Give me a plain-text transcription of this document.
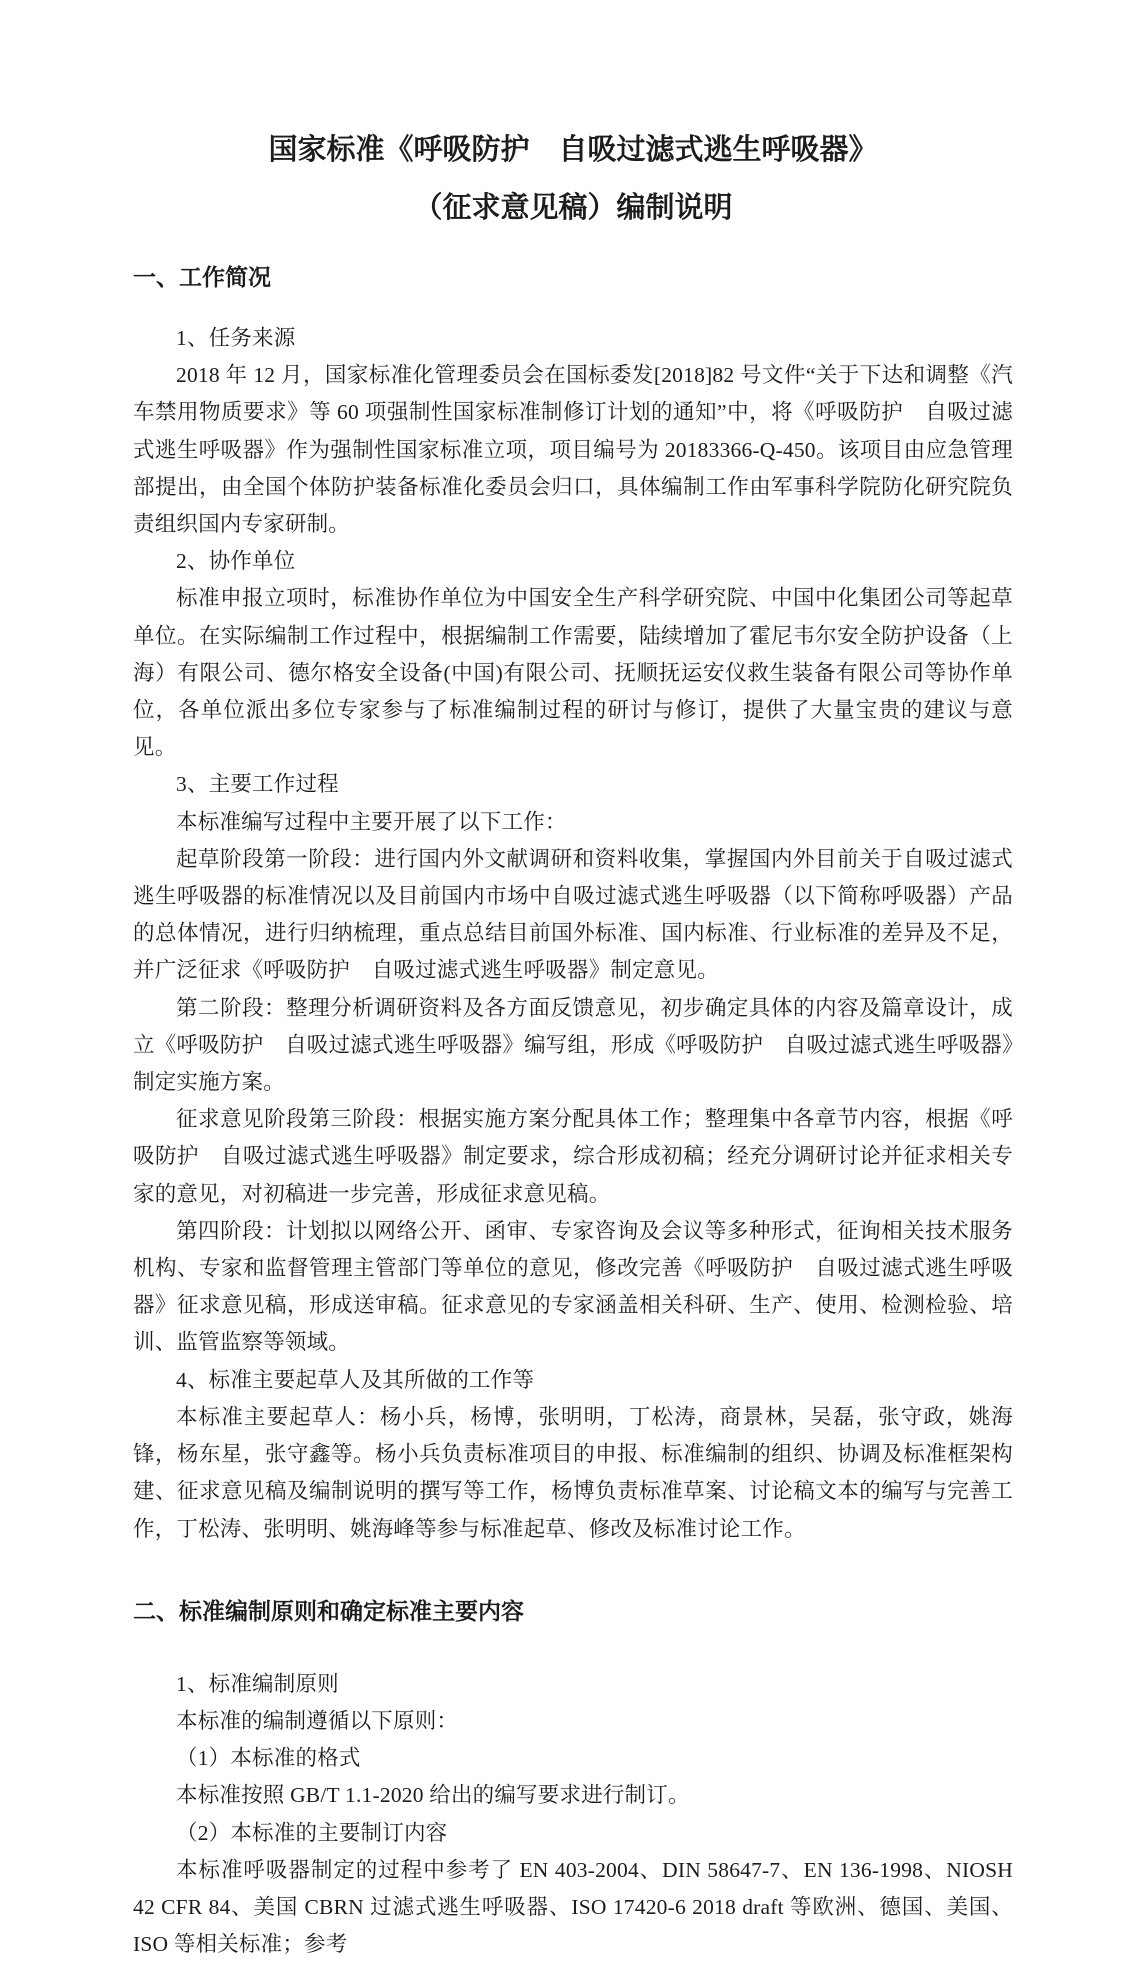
国家标准《呼吸防护　自吸过滤式逃生呼吸器》
（征求意见稿）编制说明
一、工作简况

1、任务来源

2018 年 12 月，国家标准化管理委员会在国标委发[2018]82 号文件“关于下达和调整《汽车禁用物质要求》等 60 项强制性国家标准制修订计划的通知”中，将《呼吸防护　自吸过滤式逃生呼吸器》作为强制性国家标准立项，项目编号为 20183366-Q-450。该项目由应急管理部提出，由全国个体防护装备标准化委员会归口，具体编制工作由军事科学院防化研究院负责组织国内专家研制。

2、协作单位

标准申报立项时，标准协作单位为中国安全生产科学研究院、中国中化集团公司等起草单位。在实际编制工作过程中，根据编制工作需要，陆续增加了霍尼韦尔安全防护设备（上海）有限公司、德尔格安全设备(中国)有限公司、抚顺抚运安仪救生装备有限公司等协作单位，各单位派出多位专家参与了标准编制过程的研讨与修订，提供了大量宝贵的建议与意见。

3、主要工作过程

本标准编写过程中主要开展了以下工作：

起草阶段第一阶段：进行国内外文献调研和资料收集，掌握国内外目前关于自吸过滤式逃生呼吸器的标准情况以及目前国内市场中自吸过滤式逃生呼吸器（以下简称呼吸器）产品的总体情况，进行归纳梳理，重点总结目前国外标准、国内标准、行业标准的差异及不足，并广泛征求《呼吸防护　自吸过滤式逃生呼吸器》制定意见。

第二阶段：整理分析调研资料及各方面反馈意见，初步确定具体的内容及篇章设计，成立《呼吸防护　自吸过滤式逃生呼吸器》编写组，形成《呼吸防护　自吸过滤式逃生呼吸器》制定实施方案。

征求意见阶段第三阶段：根据实施方案分配具体工作；整理集中各章节内容，根据《呼吸防护　自吸过滤式逃生呼吸器》制定要求，综合形成初稿；经充分调研讨论并征求相关专家的意见，对初稿进一步完善，形成征求意见稿。

第四阶段：计划拟以网络公开、函审、专家咨询及会议等多种形式，征询相关技术服务机构、专家和监督管理主管部门等单位的意见，修改完善《呼吸防护　自吸过滤式逃生呼吸器》征求意见稿，形成送审稿。征求意见的专家涵盖相关科研、生产、使用、检测检验、培训、监管监察等领域。

4、标准主要起草人及其所做的工作等

本标准主要起草人：杨小兵，杨博，张明明，丁松涛，商景林，吴磊，张守政，姚海锋，杨东星，张守鑫等。杨小兵负责标准项目的申报、标准编制的组织、协调及标准框架构建、征求意见稿及编制说明的撰写等工作，杨博负责标准草案、讨论稿文本的编写与完善工作，丁松涛、张明明、姚海峰等参与标准起草、修改及标准讨论工作。

二、标准编制原则和确定标准主要内容

1、标准编制原则

本标准的编制遵循以下原则：

（1）本标准的格式

本标准按照 GB/T 1.1-2020 给出的编写要求进行制订。

（2）本标准的主要制订内容

本标准呼吸器制定的过程中参考了 EN 403-2004、DIN 58647-7、EN 136-1998、NIOSH 42 CFR 84、美国 CBRN 过滤式逃生呼吸器、ISO 17420-6 2018 draft 等欧洲、德国、美国、ISO 等相关标准；参考
